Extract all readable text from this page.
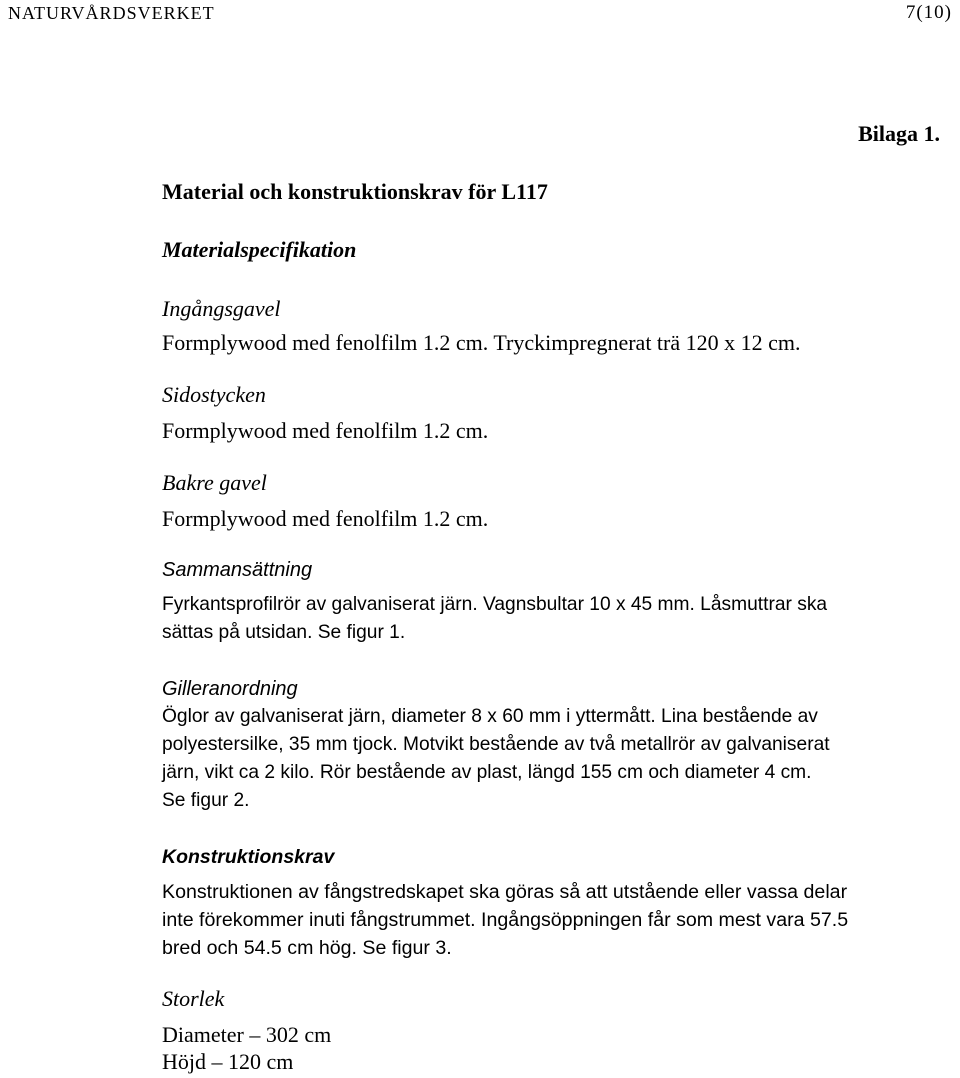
NATURVÅRDSVERKET	7(10)
Bilaga 1.
Material och konstruktionskrav för L117
Materialspecifikation
Ingångsgavel
Formplywood med fenolfilm 1.2 cm. Tryckimpregnerat trä 120 x 12 cm.
Sidostycken
Formplywood med fenolfilm 1.2 cm.
Bakre gavel
Formplywood med fenolfilm 1.2 cm.
Sammansättning
Fyrkantsprofilrör av galvaniserat järn. Vagnsbultar 10 x 45 mm. Låsmuttrar ska
sättas på utsidan. Se figur 1.
Gilleranordning
Öglor av galvaniserat järn, diameter 8 x 60 mm i yttermått. Lina bestående av
polyestersilke, 35 mm tjock. Motvikt bestående av två metallrör av galvaniserat
järn, vikt ca 2 kilo. Rör bestående av plast, längd 155 cm och diameter 4 cm.
Se figur 2.
Konstruktionskrav
Konstruktionen av fångstredskapet ska göras så att utstående eller vassa delar
inte förekommer inuti fångstrummet. Ingångsöppningen får som mest vara 57.5
bred och 54.5 cm hög. Se figur 3.
Storlek
Diameter – 302 cm
Höjd – 120 cm
